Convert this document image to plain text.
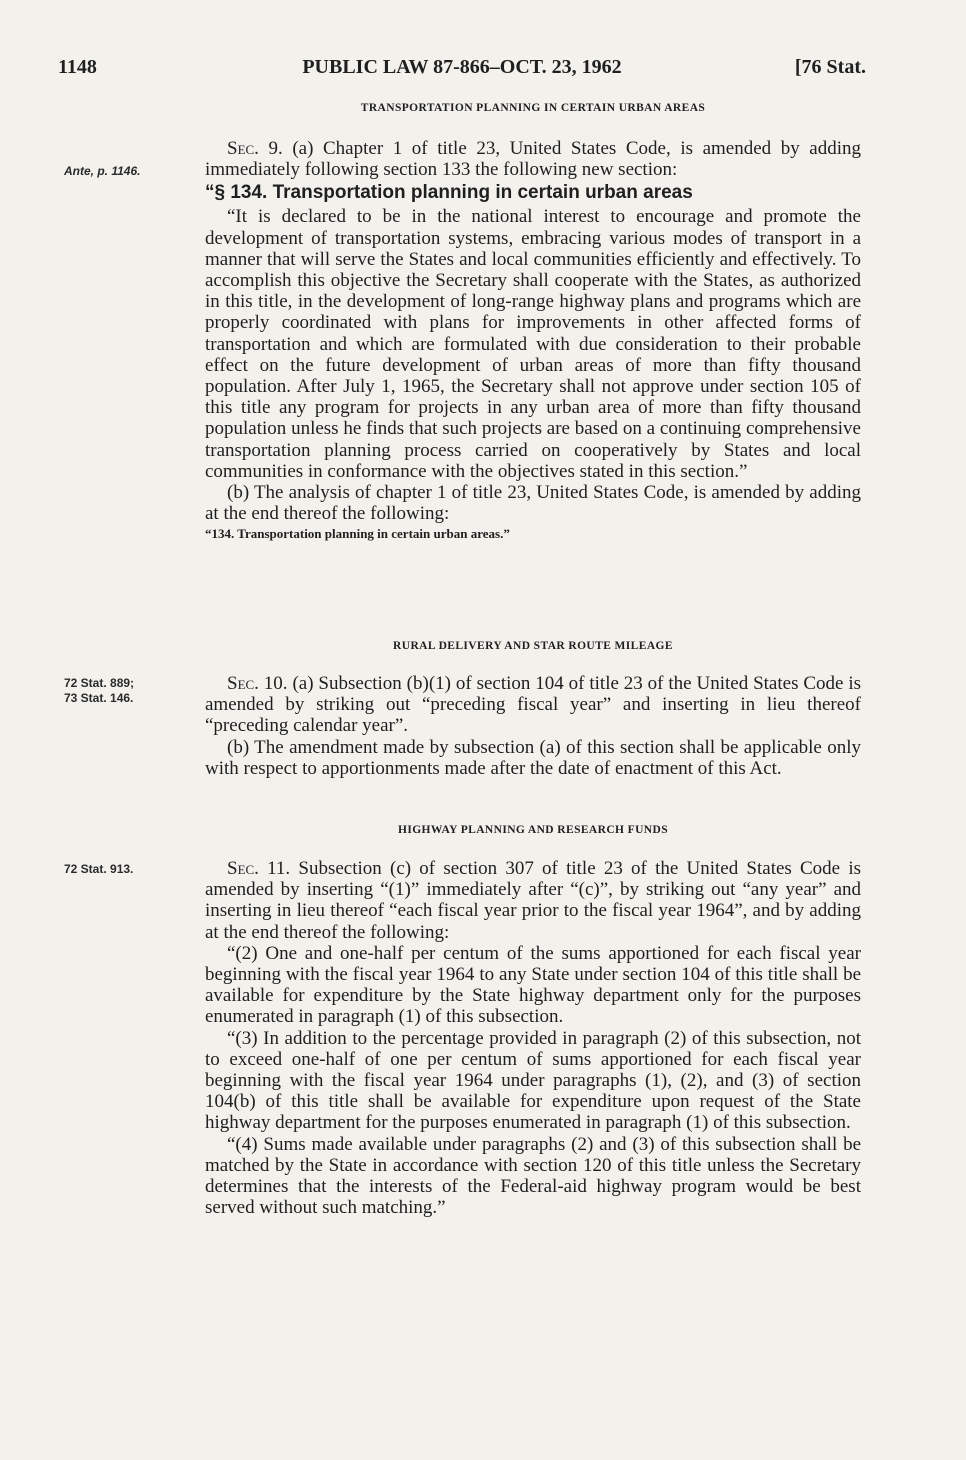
1148	PUBLIC LAW 87-866–OCT. 23, 1962	[76 Stat.
TRANSPORTATION PLANNING IN CERTAIN URBAN AREAS
Ante, p. 1146.

Sec. 9. (a) Chapter 1 of title 23, United States Code, is amended by adding immediately following section 133 the following new section:

“§ 134. Transportation planning in certain urban areas

“It is declared to be in the national interest to encourage and promote the development of transportation systems, embracing various modes of transport in a manner that will serve the States and local communities efficiently and effectively. To accomplish this objective the Secretary shall cooperate with the States, as authorized in this title, in the development of long-range highway plans and programs which are properly coordinated with plans for improvements in other affected forms of transportation and which are formulated with due consideration to their probable effect on the future development of urban areas of more than fifty thousand population. After July 1, 1965, the Secretary shall not approve under section 105 of this title any program for projects in any urban area of more than fifty thousand population unless he finds that such projects are based on a continuing comprehensive transportation planning process carried on cooperatively by States and local communities in conformance with the objectives stated in this section.”

(b) The analysis of chapter 1 of title 23, United States Code, is amended by adding at the end thereof the following:

“134. Transportation planning in certain urban areas.”
RURAL DELIVERY AND STAR ROUTE MILEAGE
72 Stat. 889;
73 Stat. 146.

Sec. 10. (a) Subsection (b)(1) of section 104 of title 23 of the United States Code is amended by striking out “preceding fiscal year” and inserting in lieu thereof “preceding calendar year”.

(b) The amendment made by subsection (a) of this section shall be applicable only with respect to apportionments made after the date of enactment of this Act.

HIGHWAY PLANNING AND RESEARCH FUNDS
72 Stat. 913.	Sec. 11. Subsection (c) of section 307 of title 23 of the United States Code is amended by inserting “(1)” immediately after “(c)”, by striking out “any year” and inserting in lieu thereof “each fiscal year prior to the fiscal year 1964”, and by adding at the end thereof the following:

“(2) One and one-half per centum of the sums apportioned for each fiscal year beginning with the fiscal year 1964 to any State under section 104 of this title shall be available for expenditure by the State highway department only for the purposes enumerated in paragraph (1) of this subsection.

“(3) In addition to the percentage provided in paragraph (2) of this subsection, not to exceed one-half of one per centum of sums apportioned for each fiscal year beginning with the fiscal year 1964 under paragraphs (1), (2), and (3) of section 104(b) of this title shall be available for expenditure upon request of the State highway department for the purposes enumerated in paragraph (1) of this subsection.

“(4) Sums made available under paragraphs (2) and (3) of this subsection shall be matched by the State in accordance with section 120 of this title unless the Secretary determines that the interests of the Federal-aid highway program would be best served without such matching.”
